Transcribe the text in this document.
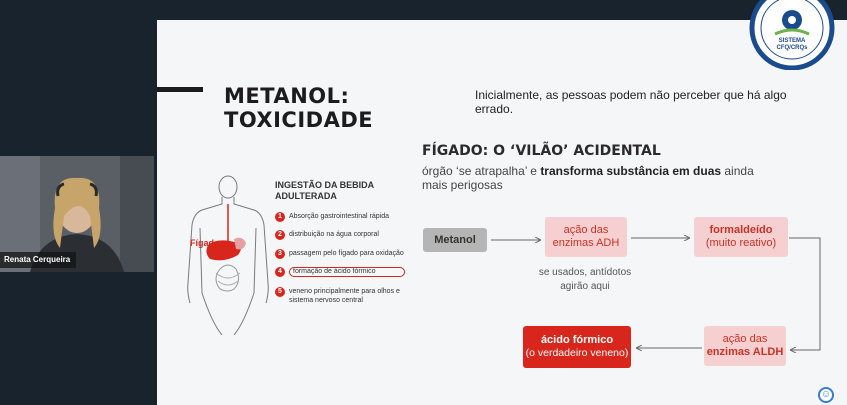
METANOL:
TOXICIDADE
Inicialmente, as pessoas podem não perceber que há algo errado.
FÍGADO: O ‘VILÃO’ ACIDENTAL
órgão ‘se atrapalha’ e transforma substância em duas ainda mais perigosas
Fígado
INGESTÃO DA BEBIDA ADULTERADA
1	Absorção gastrointestinal rápida
2	distribuição na água corporal
3	passagem pelo fígado para oxidação
4	formação de ácido fórmico
5	veneno principalmente para olhos e sistema nervoso central
Metanol
ação das
enzimas ADH
formaldeído
(muito reativo)
ação das
enzimas ALDH
ácido fórmico
(o verdadeiro veneno)
se usados, antídotos
agirão aqui
Renata Cerqueira
SISTEMA
CFQ/CRQs
☺
